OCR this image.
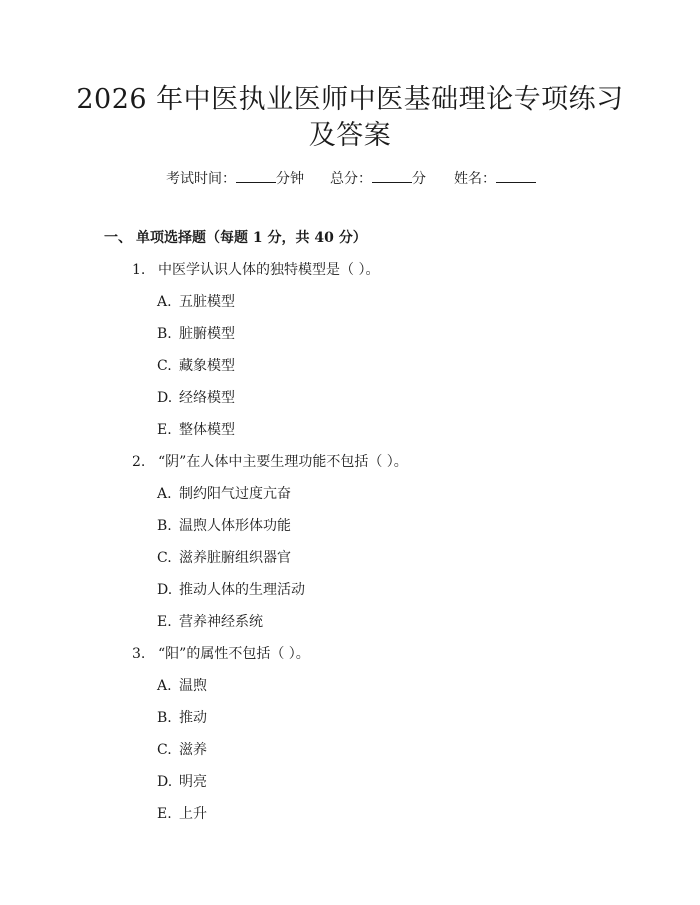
2026 年中医执业医师中医基础理论专项练习
及答案
考试时间：	分钟 总分：	分 姓名：
一、 单项选择题（每题 1 分，共 40 分）
1. 中医学认识人体的独特模型是（ ）。
A. 五脏模型
B. 脏腑模型
C. 藏象模型
D. 经络模型
E. 整体模型
2. “阴”在人体中主要生理功能不包括（ ）。
A. 制约阳气过度亢奋
B. 温煦人体形体功能
C. 滋养脏腑组织器官
D. 推动人体的生理活动
E. 营养神经系统
3. “阳”的属性不包括（ ）。
A. 温煦
B. 推动
C. 滋养
D. 明亮
E. 上升
